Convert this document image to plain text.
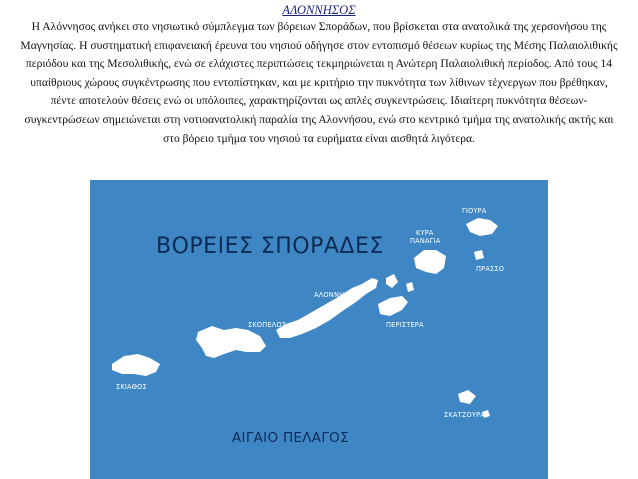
ΑΛΟΝΝΗΣΟΣ

Η Αλόννησος ανήκει στο νησιωτικό σύμπλεγμα των βόρειων Σποράδων, που βρίσκεται στα ανατολικά της χερσονήσου της Μαγνησίας. Η συστηματική επιφανειακή έρευνα του νησιού οδήγησε στον εντοπισμό θέσεων κυρίως της Μέσης Παλαιολιθικής περιόδου και της Μεσολιθικής, ενώ σε ελάχιστες περιπτώσεις τεκμηριώνεται η Ανώτερη Παλαιολιθική περίοδος. Από τους 14 υπαίθριους χώρους συγκέντρωσης που εντοπίστηκαν, και με κριτήριο την πυκνότητα των λίθινων τέχνεργων που βρέθηκαν, πέντε αποτελούν θέσεις ενώ οι υπόλοιπες, χαρακτηρίζονται ως απλές συγκεντρώσεις. Ιδιαίτερη πυκνότητα θέσεων-συγκεντρώσεων σημειώνεται στη νοτιοανατολική παραλία της Αλοννήσου, ενώ στο κεντρικό τμήμα της ανατολικής ακτής και στο βόρειο τμήμα του νησιού τα ευρήματα είναι αισθητά λιγότερα.

ΒΟΡΕΙΕΣ ΣΠΟΡΑΔΕΣ
ΑΙΓΑΙΟ ΠΕΛΑΓΟΣ
ΓΙΟΥΡΑ
ΚΥΡΑ
ΠΑΝΑΓΙΑ
ΠΡΑΣΣΟ
ΑΛΟΝΝΗΣΟΣ
ΠΕΡΙΣΤΕΡΑ
ΣΚΟΠΕΛΟΣ
ΣΚΙΑΘΟΣ
ΣΚΑΤΖΟΥΡΑ
